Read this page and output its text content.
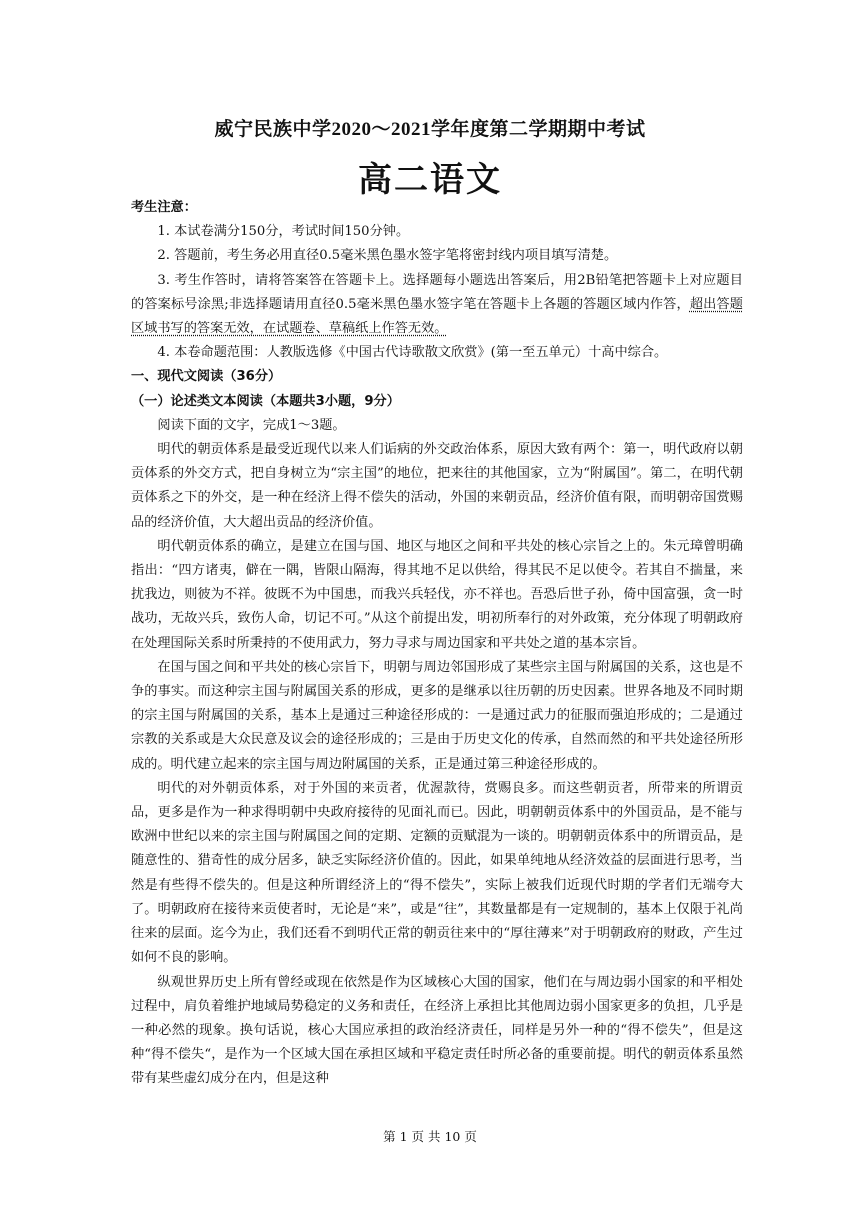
威宁民族中学2020～2021学年度第二学期期中考试
高二语文

考生注意：

1. 本试卷满分150分，考试时间150分钟。

2. 答题前，考生务必用直径0.5毫米黑色墨水签字笔将密封线内项目填写清楚。

3. 考生作答时，请将答案答在答题卡上。选择题每小题选出答案后，用2B铅笔把答题卡上对应题目的答案标号涂黑;非选择题请用直径0.5毫米黑色墨水签字笔在答题卡上各题的答题区域内作答，超出答题区域书写的答案无效，在试题卷、草稿纸上作答无效。

4. 本卷命题范围：人教版选修《中国古代诗歌散文欣赏》(第一至五单元）十高中综合。

一、现代文阅读（36分）

（一）论述类文本阅读（本题共3小题，9分）

阅读下面的文字，完成1～3题。

明代的朝贡体系是最受近现代以来人们诟病的外交政治体系，原因大致有两个：第一，明代政府以朝贡体系的外交方式，把自身树立为“宗主国”的地位，把来往的其他国家，立为“附属国”。第二，在明代朝贡体系之下的外交，是一种在经济上得不偿失的活动，外国的来朝贡品，经济价值有限，而明朝帝国赏赐品的经济价值，大大超出贡品的经济价值。

明代朝贡体系的确立，是建立在国与国、地区与地区之间和平共处的核心宗旨之上的。朱元璋曾明确指出：“四方诸夷，僻在一隅，皆限山隔海，得其地不足以供给，得其民不足以使令。若其自不揣量，来扰我边，则彼为不祥。彼既不为中国患，而我兴兵轻伐，亦不祥也。吾恐后世子孙，倚中国富强，贪一时战功，无故兴兵，致伤人命，切记不可。”从这个前提出发，明初所奉行的对外政策，充分体现了明朝政府在处理国际关系时所秉持的不使用武力，努力寻求与周边国家和平共处之道的基本宗旨。

在国与国之间和平共处的核心宗旨下，明朝与周边邻国形成了某些宗主国与附属国的关系，这也是不争的事实。而这种宗主国与附属国关系的形成，更多的是继承以往历朝的历史因素。世界各地及不同时期的宗主国与附属国的关系，基本上是通过三种途径形成的：一是通过武力的征服而强迫形成的；二是通过宗教的关系或是大众民意及议会的途径形成的；三是由于历史文化的传承，自然而然的和平共处途径所形成的。明代建立起来的宗主国与周边附属国的关系，正是通过第三种途径形成的。

明代的对外朝贡体系，对于外国的来贡者，优渥款待，赏赐良多。而这些朝贡者，所带来的所谓贡品，更多是作为一种求得明朝中央政府接待的见面礼而已。因此，明朝朝贡体系中的外国贡品，是不能与欧洲中世纪以来的宗主国与附属国之间的定期、定额的贡赋混为一谈的。明朝朝贡体系中的所谓贡品，是随意性的、猎奇性的成分居多，缺乏实际经济价值的。因此，如果单纯地从经济效益的层面进行思考，当然是有些得不偿失的。但是这种所谓经济上的“得不偿失”，实际上被我们近现代时期的学者们无端夸大了。明朝政府在接待来贡使者时，无论是“来”，或是“往”，其数量都是有一定规制的，基本上仅限于礼尚往来的层面。迄今为止，我们还看不到明代正常的朝贡往来中的“厚往薄来”对于明朝政府的财政，产生过如何不良的影响。

纵观世界历史上所有曾经或现在依然是作为区域核心大国的国家，他们在与周边弱小国家的和平相处过程中，肩负着维护地域局势稳定的义务和责任，在经济上承担比其他周边弱小国家更多的负担，几乎是一种必然的现象。换句话说，核心大国应承担的政治经济责任，同样是另外一种的“得不偿失”，但是这种“得不偿失“，是作为一个区域大国在承担区域和平稳定责任时所必备的重要前提。明代的朝贡体系虽然带有某些虚幻成分在内，但是这种

第 1 页 共 10 页
